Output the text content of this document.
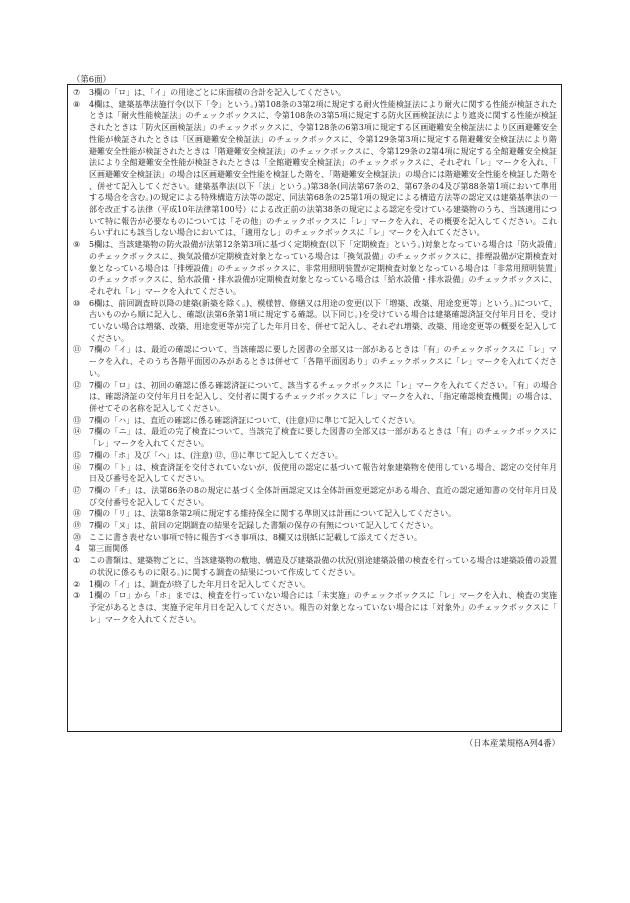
（第6面）
⑦	3欄の「ロ」は、「イ」の用途ごとに床面積の合計を記入してください。
⑧	4欄は、建築基準法施行令(以下「令」という。)第108条の3第2項に規定する耐火性能検証法により耐火に関する性能が検証されたときは「耐火性能検証法」のチェックボックスに、令第108条の3第5項に規定する防火区画検証法により遮炎に関する性能が検証されたときは「防火区画検証法」のチェックボックスに、令第128条の6第3項に規定する区画避難安全検証法により区画避難安全性能が検証されたときは「区画避難安全検証法」のチェックボックスに、令第129条第3項に規定する階避難安全検証法により階避難安全性能が検証されたときは「階避難安全検証法」のチェックボックスに、令第129条の2第4項に規定する全館避難安全検証法により全館避難安全性能が検証されたときは「全館避難安全検証法」のチェックボックスに、それぞれ「レ」マークを入れ、「区画避難安全検証法」の場合は区画避難安全性能を検証した階を、「階避難安全検証法」の場合には階避難安全性能を検証した階を、併せて記入してください。建築基準法(以下「法」という。)第38条(同法第67条の2、第67条の4及び第88条第1項において準用する場合を含む。)の規定による特殊構造方法等の認定、同法第68条の25第1項の規定による構造方法等の認定又は建築基準法の一部を改正する法律（平成10年法律第100号）による改正前の法第38条の規定による認定を受けている建築物のうち、当該適用について特に報告が必要なものについては「その他」のチェックボックスに「レ」マークを入れ、その概要を記入してください。これらいずれにも該当しない場合においては、「適用なし」のチェックボックスに「レ」マークを入れてください。
⑨	5欄は、当該建築物の防火設備が法第12条第3項に基づく定期検査(以下「定期検査」という。)対象となっている場合は「防火設備」のチェックボックスに、換気設備が定期検査対象となっている場合は「換気設備」のチェックボックスに、排煙設備が定期検査対象となっている場合は「排煙設備」のチェックボックスに、非常用照明装置が定期検査対象となっている場合は「非常用照明装置」のチェックボックスに、給水設備・排水設備が定期検査対象となっている場合は「給水設備・排水設備」のチェックボックスに、それぞれ「レ」マークを入れてください。
⑩	6欄は、前回調査時以降の建築(新築を除く。)、模様替、修繕又は用途の変更(以下「増築、改築、用途変更等」という。)について、古いものから順に記入し、確認(法第6条第1項に規定する確認。以下同じ。)を受けている場合は建築確認済証交付年月日を、受けていない場合は増築、改築、用途変更等が完了した年月日を、併せて記入し、それぞれ増築、改築、用途変更等の概要を記入してください。
⑪	7欄の「イ」は、最近の確認について、当該確認に要した図書の全部又は一部があるときは「有」のチェックボックスに「レ」マークを入れ、そのうち各階平面図のみがあるときは併せて「各階平面図あり」のチェックボックスに「レ」マークを入れてください。
⑫	7欄の「ロ」は、初回の確認に係る確認済証について、該当するチェックボックスに「レ」マークを入れてください。「有」の場合は、確認済証の交付年月日を記入し、交付者に関するチェックボックスに「レ」マークを入れ、「指定確認検査機関」の場合は、併せてその名称を記入してください。
⑬	7欄の「ハ」は、直近の確認に係る確認済証について、(注意)⑫に準じて記入してください。
⑭	7欄の「ニ」は、最近の完了検査について、当該完了検査に要した図書の全部又は一部があるときは「有」のチェックボックスに「レ」マークを入れてください。
⑮	7欄の「ホ」及び「ヘ」は、(注意) ⑫、⑬に準じて記入してください。
⑯	7欄の「ト」は、検査済証を交付されていないが、仮使用の認定に基づいて報告対象建築物を使用している場合、認定の交付年月日及び番号を記入してください。
⑰	7欄の「チ」は、法第86条の8の規定に基づく全体計画認定又は全体計画変更認定がある場合、直近の認定通知書の交付年月日及び交付番号を記入してください。
⑱	7欄の「リ」は、法第8条第2項に規定する維持保全に関する準則又は計画について記入してください。
⑲	7欄の「ヌ」は、前回の定期調査の結果を記録した書類の保存の有無について記入してください。
⑳	ここに書き表せない事項で特に報告すべき事項は、8欄又は別紙に記載して添えてください。
4　第三面関係
①	この書類は、建築物ごとに、当該建築物の敷地、構造及び建築設備の状況(別途建築設備の検査を行っている場合は建築設備の設置の状況に係るものに限る。)に関する調査の結果について作成してください。
②	1欄の「イ」は、調査が終了した年月日を記入してください。
③	1欄の「ロ」から「ホ」までは、検査を行っていない場合には「未実施」のチェックボックスに「レ」マークを入れ、検査の実施予定があるときは、実施予定年月日を記入してください。報告の対象となっていない場合には「対象外」のチェックボックスに「レ」マークを入れてください。
（日本産業規格A列4番）
